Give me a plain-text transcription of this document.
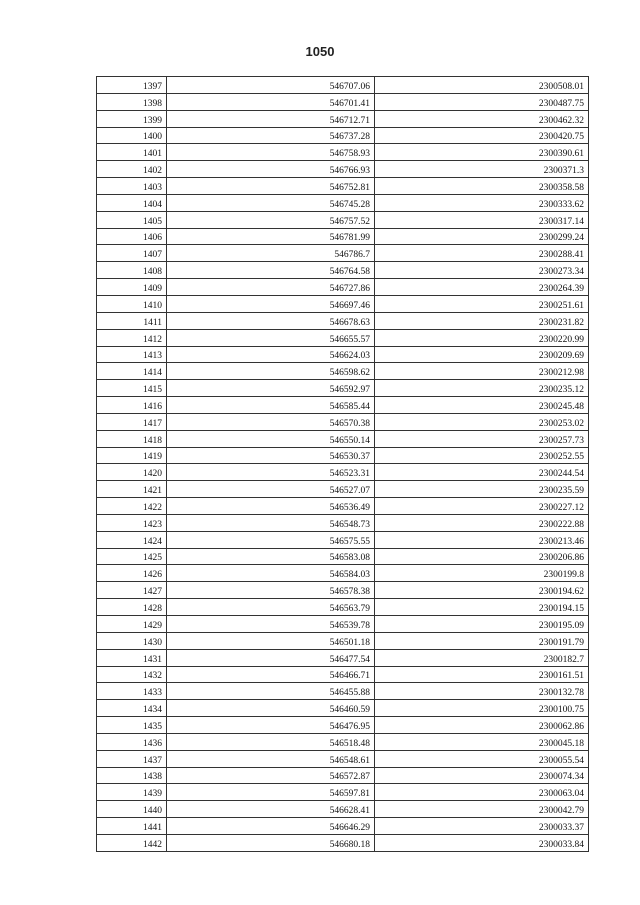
1050
1397	546707.06	2300508.01
1398	546701.41	2300487.75
1399	546712.71	2300462.32
1400	546737.28	2300420.75
1401	546758.93	2300390.61
1402	546766.93	2300371.3
1403	546752.81	2300358.58
1404	546745.28	2300333.62
1405	546757.52	2300317.14
1406	546781.99	2300299.24
1407	546786.7	2300288.41
1408	546764.58	2300273.34
1409	546727.86	2300264.39
1410	546697.46	2300251.61
1411	546678.63	2300231.82
1412	546655.57	2300220.99
1413	546624.03	2300209.69
1414	546598.62	2300212.98
1415	546592.97	2300235.12
1416	546585.44	2300245.48
1417	546570.38	2300253.02
1418	546550.14	2300257.73
1419	546530.37	2300252.55
1420	546523.31	2300244.54
1421	546527.07	2300235.59
1422	546536.49	2300227.12
1423	546548.73	2300222.88
1424	546575.55	2300213.46
1425	546583.08	2300206.86
1426	546584.03	2300199.8
1427	546578.38	2300194.62
1428	546563.79	2300194.15
1429	546539.78	2300195.09
1430	546501.18	2300191.79
1431	546477.54	2300182.7
1432	546466.71	2300161.51
1433	546455.88	2300132.78
1434	546460.59	2300100.75
1435	546476.95	2300062.86
1436	546518.48	2300045.18
1437	546548.61	2300055.54
1438	546572.87	2300074.34
1439	546597.81	2300063.04
1440	546628.41	2300042.79
1441	546646.29	2300033.37
1442	546680.18	2300033.84
